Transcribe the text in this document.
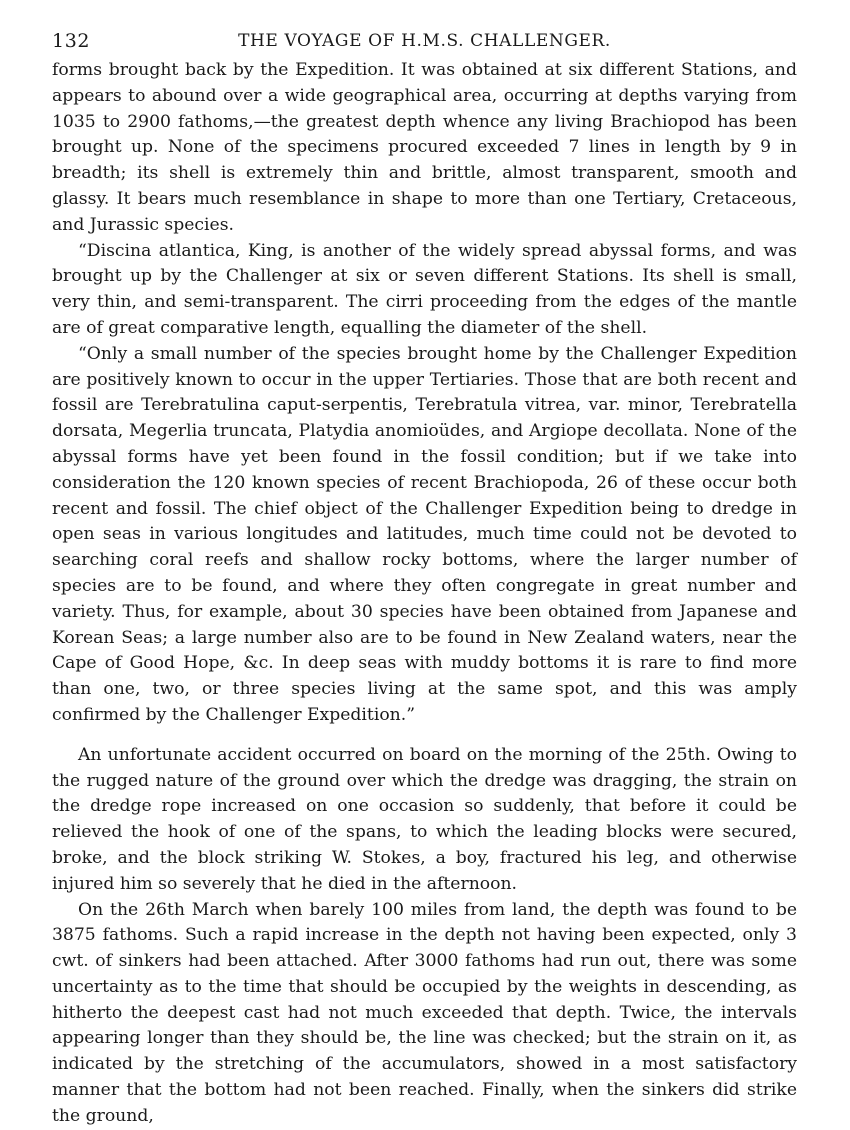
132	THE VOYAGE OF H.M.S. CHALLENGER.

forms brought back by the Expedition. It was obtained at six different Stations, and appears to abound over a wide geographical area, occurring at depths varying from 1035 to 2900 fathoms,—the greatest depth whence any living Brachiopod has been brought up. None of the specimens procured exceeded 7 lines in length by 9 in breadth; its shell is extremely thin and brittle, almost transparent, smooth and glassy. It bears much resemblance in shape to more than one Tertiary, Cretaceous, and Jurassic species.

“Discina atlantica, King, is another of the widely spread abyssal forms, and was brought up by the Challenger at six or seven different Stations. Its shell is small, very thin, and semi-transparent. The cirri proceeding from the edges of the mantle are of great comparative length, equalling the diameter of the shell.

“Only a small number of the species brought home by the Challenger Expedition are positively known to occur in the upper Tertiaries. Those that are both recent and fossil are Terebratulina caput-serpentis, Terebratula vitrea, var. minor, Terebratella dorsata, Megerlia truncata, Platydia anomioüdes, and Argiope decollata. None of the abyssal forms have yet been found in the fossil condition; but if we take into consideration the 120 known species of recent Brachiopoda, 26 of these occur both recent and fossil. The chief object of the Challenger Expedition being to dredge in open seas in various longitudes and latitudes, much time could not be devoted to searching coral reefs and shallow rocky bottoms, where the larger number of species are to be found, and where they often congregate in great number and variety. Thus, for example, about 30 species have been obtained from Japanese and Korean Seas; a large number also are to be found in New Zealand waters, near the Cape of Good Hope, &c. In deep seas with muddy bottoms it is rare to find more than one, two, or three species living at the same spot, and this was amply confirmed by the Challenger Expedition.”

An unfortunate accident occurred on board on the morning of the 25th. Owing to the rugged nature of the ground over which the dredge was dragging, the strain on the dredge rope increased on one occasion so suddenly, that before it could be relieved the hook of one of the spans, to which the leading blocks were secured, broke, and the block striking W. Stokes, a boy, fractured his leg, and otherwise injured him so severely that he died in the afternoon.

On the 26th March when barely 100 miles from land, the depth was found to be 3875 fathoms. Such a rapid increase in the depth not having been expected, only 3 cwt. of sinkers had been attached. After 3000 fathoms had run out, there was some uncertainty as to the time that should be occupied by the weights in descending, as hitherto the deepest cast had not much exceeded that depth. Twice, the intervals appearing longer than they should be, the line was checked; but the strain on it, as indicated by the stretching of the accumulators, showed in a most satisfactory manner that the bottom had not been reached. Finally, when the sinkers did strike the ground,
